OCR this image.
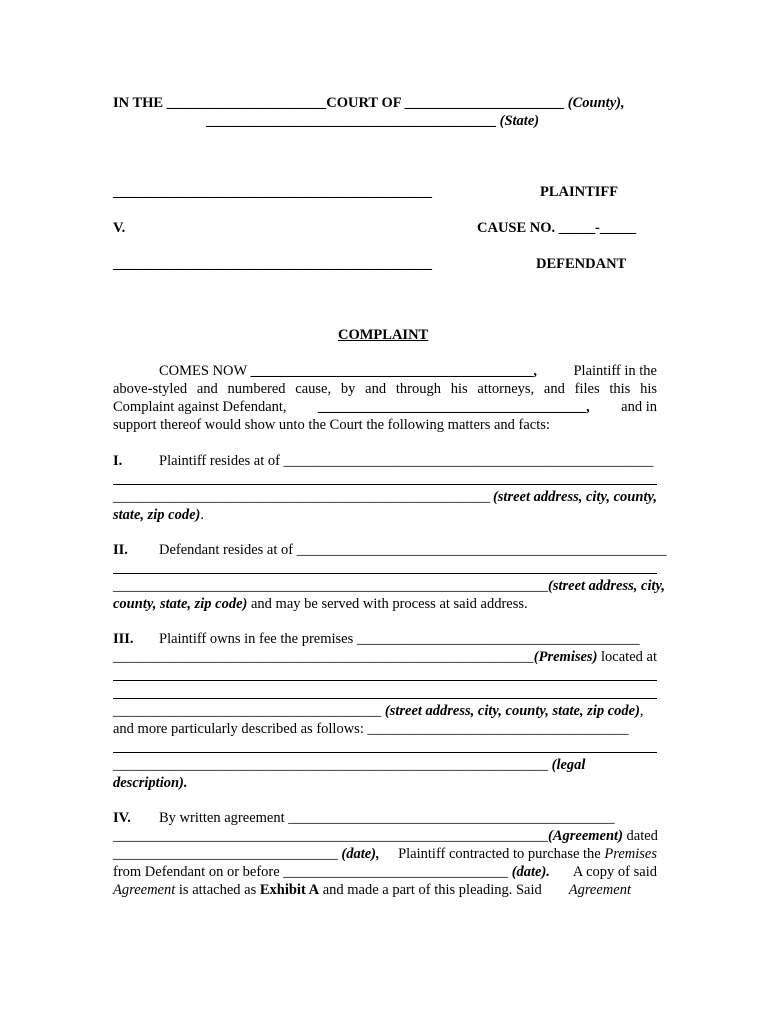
IN THE ______________________COURT OF ______________________ (County),
________________________________________ (State)
____________________________________________	PLAINTIFF
V.	CAUSE NO. _____-_____
____________________________________________	DEFENDANT
COMPLAINT
COMES NOW _______________________________________,	Plaintiff in the
above-styled and numbered cause, by and through his attorneys, and files this his
Complaint against Defendant, _____________________________________, and in
support thereof would show unto the Court the following matters and facts:
I.	Plaintiff resides at of ___________________________________________________
____________________________________________________ (street address, city, county,
state, zip code).
II. Defendant resides at of ___________________________________________________
____________________________________________________________ (street address, city,
county, state, zip code) and may be served with process at said address.
III. Plaintiff owns in fee the premises _______________________________________
__________________________________________________________ (Premises) located at
_____________________________________ (street address, city, county, state, zip code),
and more particularly described as follows: ____________________________________
____________________________________________________________ (legal
description).
IV. By written agreement _____________________________________________
____________________________________________________________ (Agreement) dated
_______________________________ (date), Plaintiff contracted to purchase the Premises
from Defendant on or before _______________________________ (date). A copy of said
Agreement is attached as Exhibit A and made a part of this pleading. Said Agreement
